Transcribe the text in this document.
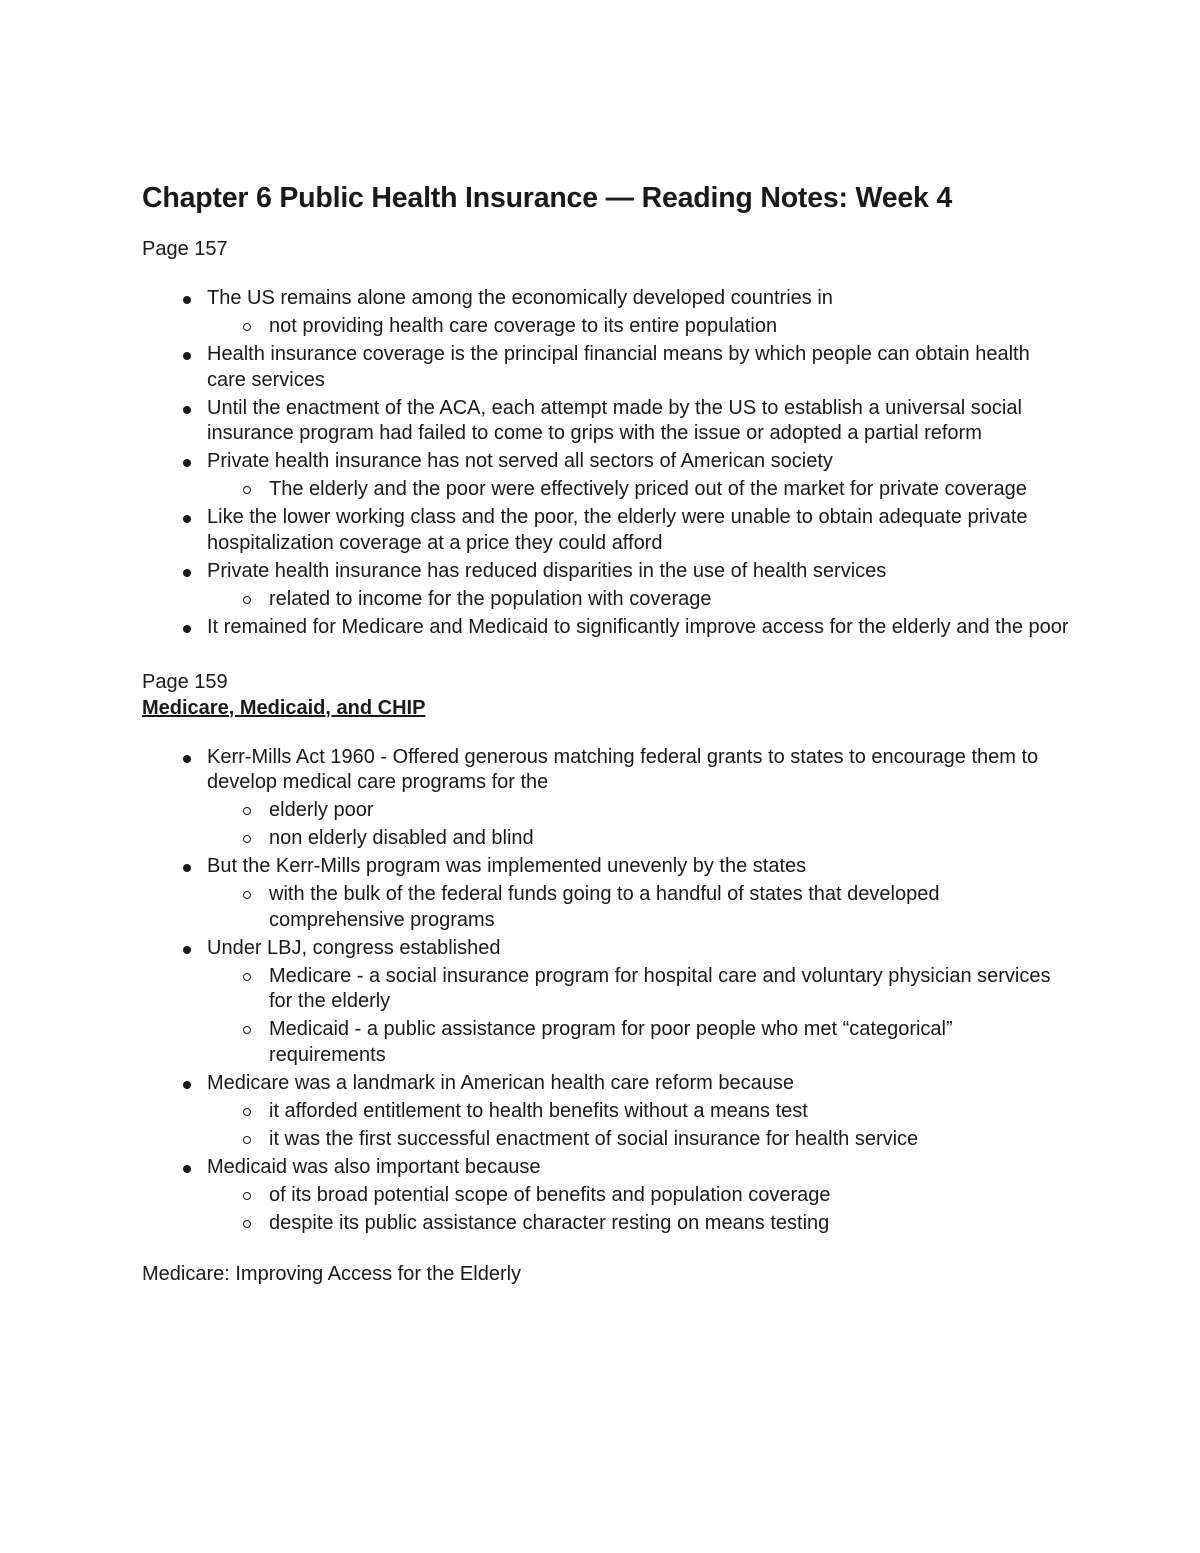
Chapter 6 Public Health Insurance — Reading Notes: Week 4

Page 157

The US remains alone among the economically developed countries in
not providing health care coverage to its entire population
Health insurance coverage is the principal financial means by which people can obtain health care services
Until the enactment of the ACA, each attempt made by the US to establish a universal social insurance program had failed to come to grips with the issue or adopted a partial reform
Private health insurance has not served all sectors of American society
The elderly and the poor were effectively priced out of the market for private coverage
Like the lower working class and the poor, the elderly were unable to obtain adequate private hospitalization coverage at a price they could afford
Private health insurance has reduced disparities in the use of health services
related to income for the population with coverage
It remained for Medicare and Medicaid to significantly improve access for the elderly and the poor

Page 159

Medicare, Medicaid, and CHIP

Kerr-Mills Act 1960 - Offered generous matching federal grants to states to encourage them to develop medical care programs for the
elderly poor
non elderly disabled and blind
But the Kerr-Mills program was implemented unevenly by the states
with the bulk of the federal funds going to a handful of states that developed comprehensive programs
Under LBJ, congress established
Medicare - a social insurance program for hospital care and voluntary physician services for the elderly
Medicaid - a public assistance program for poor people who met “categorical” requirements
Medicare was a landmark in American health care reform because
it afforded entitlement to health benefits without a means test
it was the first successful enactment of social insurance for health service
Medicaid was also important because
of its broad potential scope of benefits and population coverage
despite its public assistance character resting on means testing

Medicare: Improving Access for the Elderly
